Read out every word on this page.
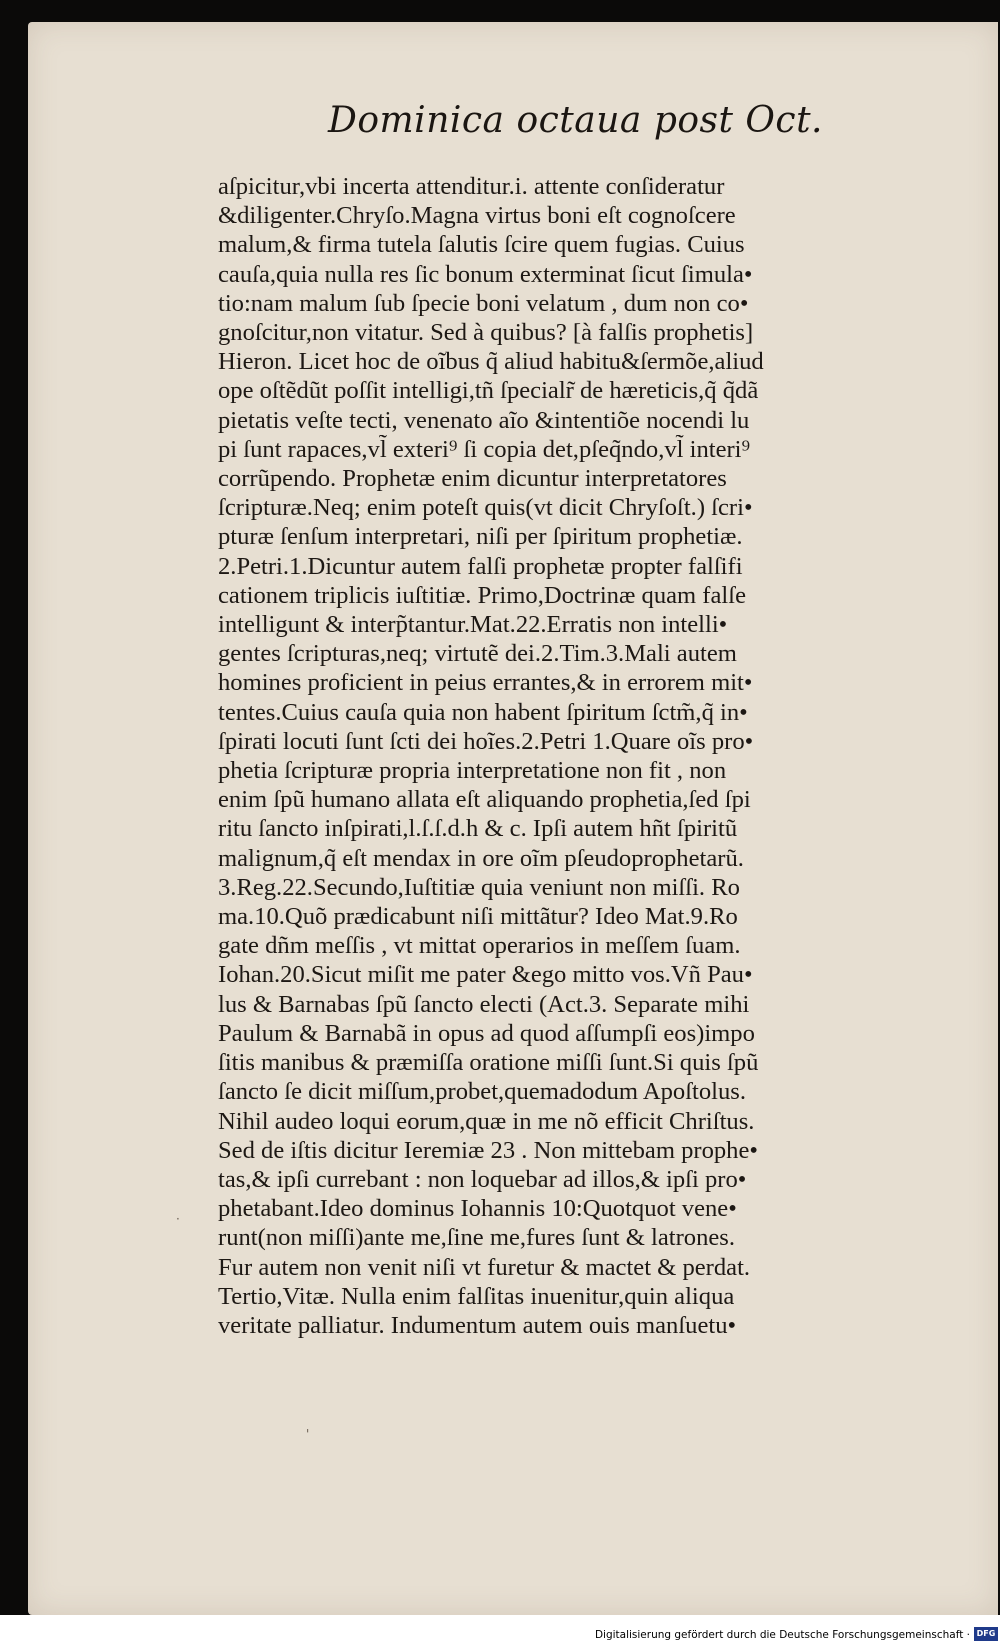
Dominica octaua post Oct.
aſpicitur,vbi incerta attenditur.i. attente conſideratur
&diligenter.Chryſo.Magna virtus boni eſt cognoſcere
malum,& firma tutela ſalutis ſcire quem fugias. Cuius
cauſa,quia nulla res ſic bonum exterminat ſicut ſimula•
tio:nam malum ſub ſpecie boni velatum , dum non co•
gnoſcitur,non vitatur. Sed à quibus? [à falſis prophetis]
Hieron. Licet hoc de oĩbus q̃ aliud habitu&ſermõe,aliud
ope oſtẽdũt poſſit intelligi,tñ ſpecialr̃ de hæreticis,q̃ q̃dã
pietatis veſte tecti, venenato aĩo &intentiõe nocendi lu
pi ſunt rapaces,vl̃ exteri⁹ ſi copia det,pſeq̃ndo,vl̃ interi⁹
corrũpendo. Prophetæ enim dicuntur interpretatores
ſcripturæ.Neq; enim poteſt quis(vt dicit Chryſoſt.) ſcri•
pturæ ſenſum interpretari, niſi per ſpiritum prophetiæ.
2.Petri.1.Dicuntur autem falſi prophetæ propter falſifi
cationem triplicis iuſtitiæ. Primo,Doctrinæ quam falſe
intelligunt & interp̃tantur.Mat.22.Erratis non intelli•
gentes ſcripturas,neq; virtutẽ dei.2.Tim.3.Mali autem
homines proficient in peius errantes,& in errorem mit•
tentes.Cuius cauſa quia non habent ſpiritum ſctm̃,q̃ in•
ſpirati locuti ſunt ſcti dei hoĩes.2.Petri 1.Quare oĩs pro•
phetia ſcripturæ propria interpretatione non fit , non
enim ſpũ humano allata eſt aliquando prophetia,ſed ſpi
ritu ſancto inſpirati,l.ſ.ſ.d.h & c. Ipſi autem hñt ſpiritũ
malignum,q̃ eſt mendax in ore oĩm pſeudoprophetarũ.
3.Reg.22.Secundo,Iuſtitiæ quia veniunt non miſſi. Ro
ma.10.Quõ prædicabunt niſi mittãtur? Ideo Mat.9.Ro
gate dñm meſſis , vt mittat operarios in meſſem ſuam.
Iohan.20.Sicut miſit me pater &ego mitto vos.Vñ Pau•
lus & Barnabas ſpũ ſancto electi (Act.3. Separate mihi
Paulum & Barnabã in opus ad quod aſſumpſi eos)impo
ſitis manibus & præmiſſa oratione miſſi ſunt.Si quis ſpũ
ſancto ſe dicit miſſum,probet,quemadodum Apoſtolus.
Nihil audeo loqui eorum,quæ in me nõ efficit Chriſtus.
Sed de iſtis dicitur Ieremiæ 23 . Non mittebam prophe•
tas,& ipſi currebant : non loquebar ad illos,& ipſi pro•
phetabant.Ideo dominus Iohannis 10:Quotquot vene•
runt(non miſſi)ante me,ſine me,fures ſunt & latrones.
Fur autem non venit niſi vt furetur & mactet & perdat.
Tertio,Vitæ. Nulla enim falſitas inuenitur,quin aliqua
veritate palliatur. Indumentum autem ouis manſuetu•
·
'
Digitalisierung gefördert durch die Deutsche Forschungsgemeinschaft · DFG
